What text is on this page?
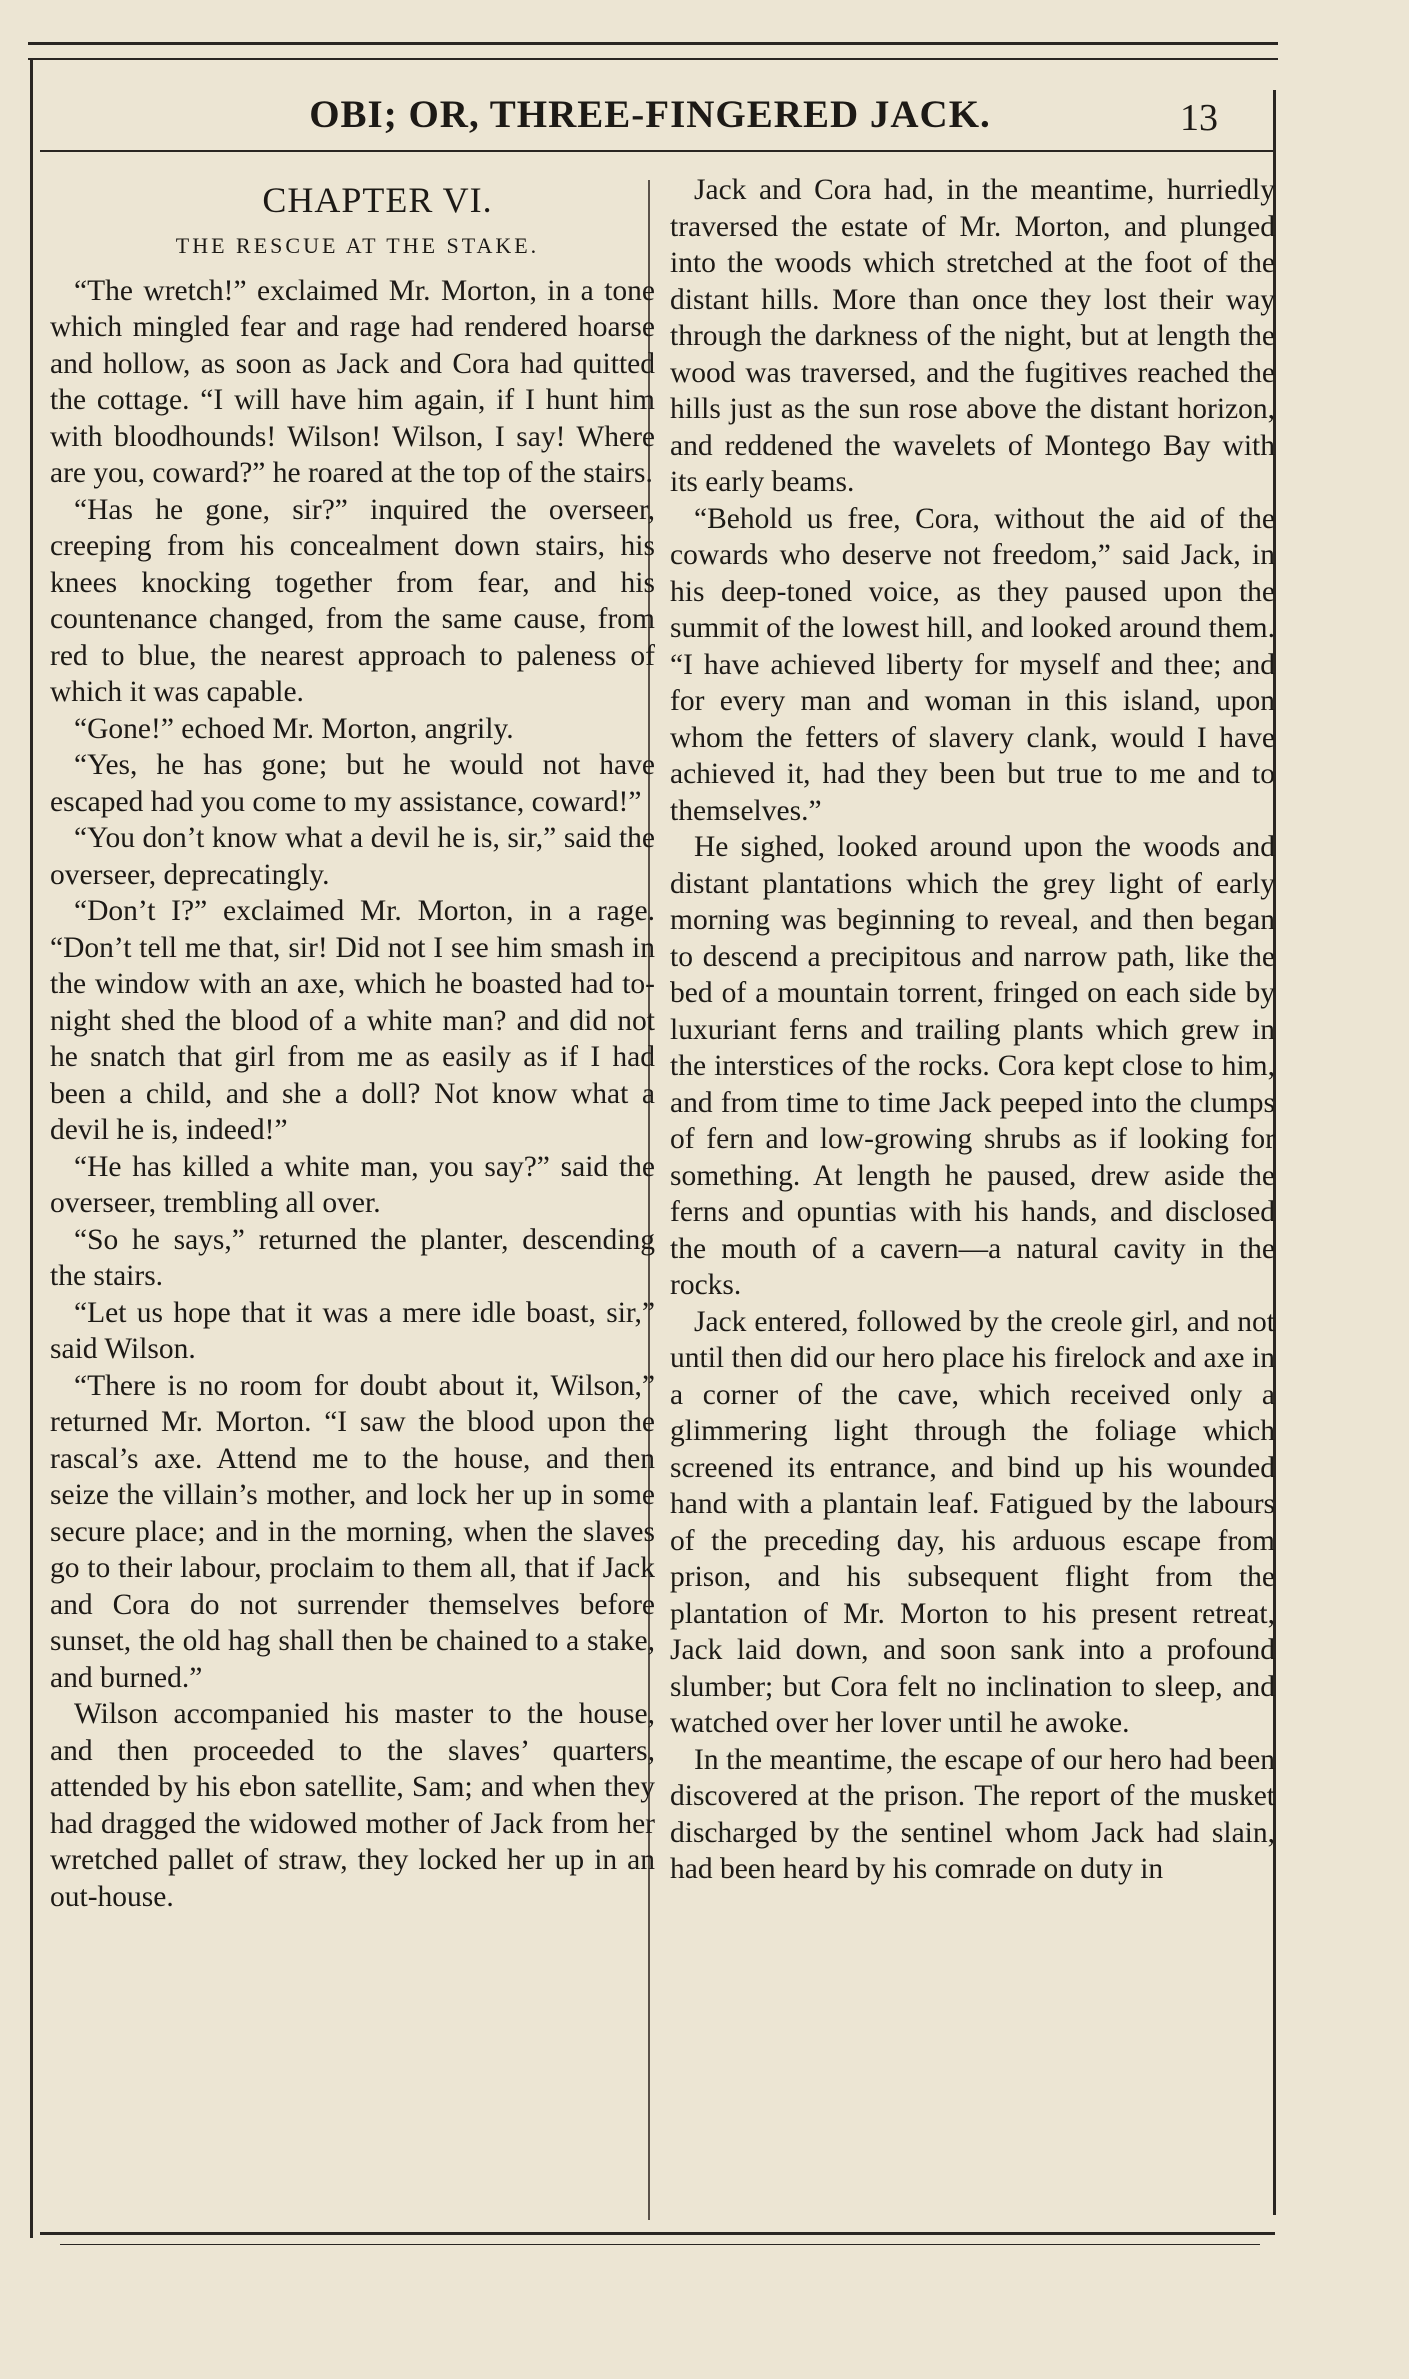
OBI; OR, THREE-FINGERED JACK.	13
CHAPTER VI.
THE RESCUE AT THE STAKE.

“The wretch!” exclaimed Mr. Morton, in a tone which mingled fear and rage had rendered hoarse and hollow, as soon as Jack and Cora had quitted the cottage. “I will have him again, if I hunt him with bloodhounds! Wilson! Wilson, I say! Where are you, coward?” he roared at the top of the stairs.

“Has he gone, sir?” inquired the overseer, creeping from his concealment down stairs, his knees knocking together from fear, and his countenance changed, from the same cause, from red to blue, the nearest approach to paleness of which it was capable.

“Gone!” echoed Mr. Morton, angrily.

“Yes, he has gone; but he would not have escaped had you come to my assistance, coward!”

“You don’t know what a devil he is, sir,” said the overseer, deprecatingly.

“Don’t I?” exclaimed Mr. Morton, in a rage. “Don’t tell me that, sir! Did not I see him smash in the window with an axe, which he boasted had to-night shed the blood of a white man? and did not he snatch that girl from me as easily as if I had been a child, and she a doll? Not know what a devil he is, indeed!”

“He has killed a white man, you say?” said the overseer, trembling all over.

“So he says,” returned the planter, descending the stairs.

“Let us hope that it was a mere idle boast, sir,” said Wilson.

“There is no room for doubt about it, Wilson,” returned Mr. Morton. “I saw the blood upon the rascal’s axe. Attend me to the house, and then seize the villain’s mother, and lock her up in some secure place; and in the morning, when the slaves go to their labour, proclaim to them all, that if Jack and Cora do not surrender themselves before sunset, the old hag shall then be chained to a stake, and burned.”

Wilson accompanied his master to the house, and then proceeded to the slaves’ quarters, attended by his ebon satellite, Sam; and when they had dragged the widowed mother of Jack from her wretched pallet of straw, they locked her up in an out-house.

Jack and Cora had, in the meantime, hurriedly traversed the estate of Mr. Morton, and plunged into the woods which stretched at the foot of the distant hills. More than once they lost their way through the darkness of the night, but at length the wood was traversed, and the fugitives reached the hills just as the sun rose above the distant horizon, and reddened the wavelets of Montego Bay with its early beams.

“Behold us free, Cora, without the aid of the cowards who deserve not freedom,” said Jack, in his deep-toned voice, as they paused upon the summit of the lowest hill, and looked around them. “I have achieved liberty for myself and thee; and for every man and woman in this island, upon whom the fetters of slavery clank, would I have achieved it, had they been but true to me and to themselves.”

He sighed, looked around upon the woods and distant plantations which the grey light of early morning was beginning to reveal, and then began to descend a precipitous and narrow path, like the bed of a mountain torrent, fringed on each side by luxuriant ferns and trailing plants which grew in the interstices of the rocks. Cora kept close to him, and from time to time Jack peeped into the clumps of fern and low-growing shrubs as if looking for something. At length he paused, drew aside the ferns and opuntias with his hands, and disclosed the mouth of a cavern—a natural cavity in the rocks.

Jack entered, followed by the creole girl, and not until then did our hero place his firelock and axe in a corner of the cave, which received only a glimmering light through the foliage which screened its entrance, and bind up his wounded hand with a plantain leaf. Fatigued by the labours of the preceding day, his arduous escape from prison, and his subsequent flight from the plantation of Mr. Morton to his present retreat, Jack laid down, and soon sank into a profound slumber; but Cora felt no inclination to sleep, and watched over her lover until he awoke.

In the meantime, the escape of our hero had been discovered at the prison. The report of the musket discharged by the sentinel whom Jack had slain, had been heard by his comrade on duty in
